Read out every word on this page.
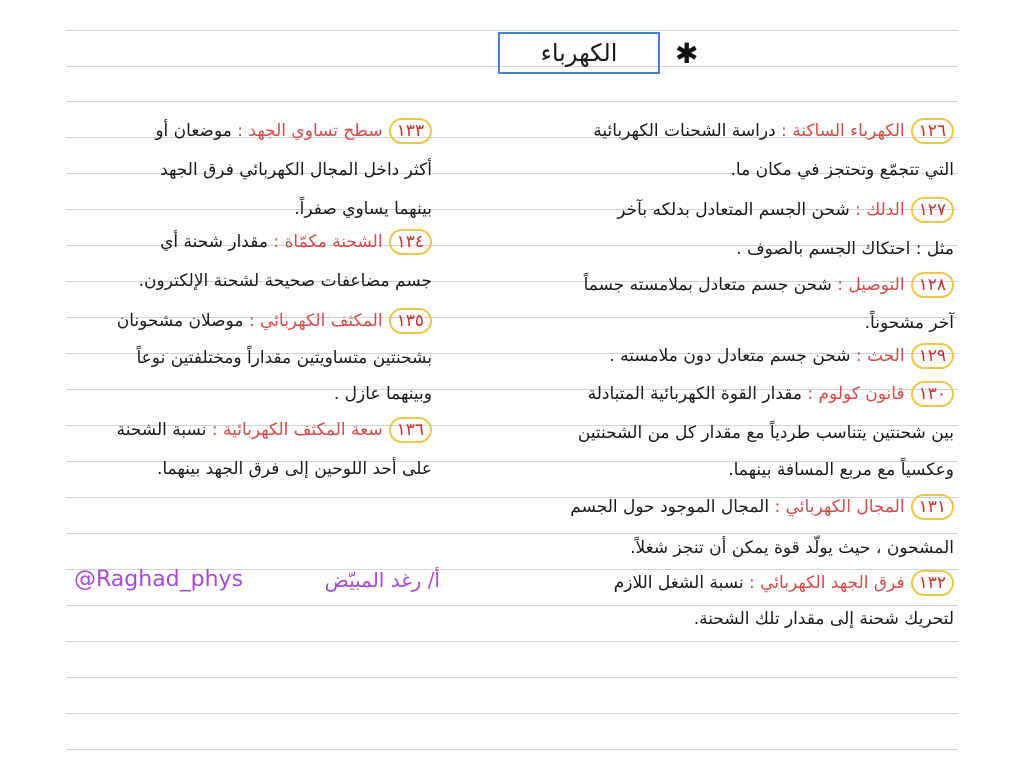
الكهرباء	✱
١٢٦الكهرباء الساكنة : دراسة الشحنات الكهربائية
التي تتجمّع وتحتجز في مكان ما.
١٢٧الدلك : شحن الجسم المتعادل بدلكه بآخر
مثل : احتكاك الجسم بالصوف .
١٢٨التوصيل : شحن جسم متعادل بملامسته جسماً
آخر مشحوناً.
١٢٩الحث : شحن جسم متعادل دون ملامسته .
١٣٠قانون كولوم : مقدار القوة الكهربائية المتبادلة
بين شحنتين يتناسب طردياً مع مقدار كل من الشحنتين
وعكسياً مع مربع المسافة بينهما.
١٣١المجال الكهربائي : المجال الموجود حول الجسم
المشحون ، حيث يولّد قوة يمكن أن تنجز شغلاً.
١٣٢فرق الجهد الكهربائي : نسبة الشغل اللازم
لتحريك شحنة إلى مقدار تلك الشحنة.
١٣٣سطح تساوي الجهد : موضعان أو
أكثر داخل المجال الكهربائي فرق الجهد
بينهما يساوي صفراً.
١٣٤الشحنة مكمّاة : مقدار شحنة أي
جسم مضاعفات صحيحة لشحنة الإلكترون.
١٣٥المكثف الكهربائي : موصلان مشحونان
بشحنتين متساويتين مقداراً ومختلفتين نوعاً
وبينهما عازل .
١٣٦سعة المكثف الكهربائية : نسبة الشحنة
على أحد اللوحين إلى فرق الجهد بينهما.
@Raghad_phys	أ/ رغد المبيّض
